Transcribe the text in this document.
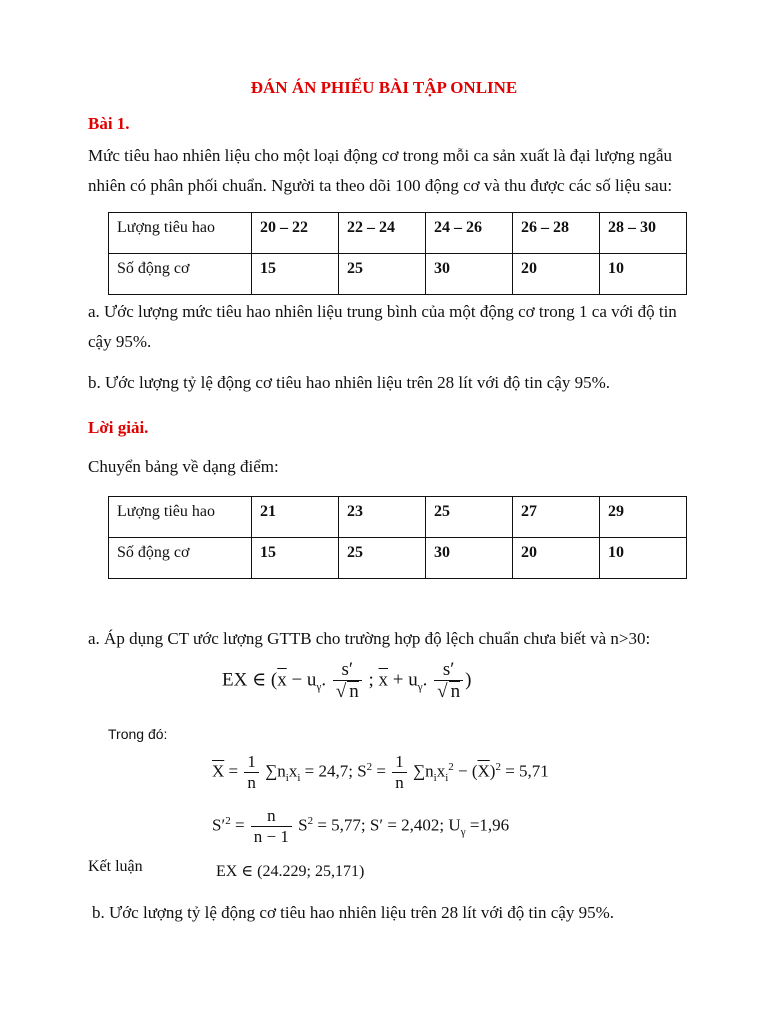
ĐÁN ÁN PHIẾU BÀI TẬP ONLINE
Bài 1.
Mức tiêu hao nhiên liệu cho một loại động cơ trong mỗi ca sản xuất là đại lượng ngẫu
nhiên có phân phối chuẩn. Người ta theo dõi 100 động cơ và thu được các số liệu sau:
Lượng tiêu hao	20 – 22	22 – 24	24 – 26	26 – 28	28 – 30
Số động cơ	15	25	30	20	10
a. Ước lượng mức tiêu hao nhiên liệu trung bình của một động cơ trong 1 ca với độ tin
cậy 95%.
b. Ước lượng tỷ lệ động cơ tiêu hao nhiên liệu trên 28 lít với độ tin cậy 95%.
Lời giải.
Chuyển bảng về dạng điểm:
Lượng tiêu hao	21	23	25	27	29
Số động cơ	15	25	30	20	10
a. Áp dụng CT ước lượng GTTB cho trường hợp độ lệch chuẩn chưa biết và n>30:
EX ∈ ($\overline{x} - u_\gamma$. $\frac{s'}{√ n}$ ; $\overline{x} + u_\gamma$. $\frac{s'}{√ n}$ )
Trong đó:
$\overline{X} = \frac{1}{n} \sum n_ix_i = 24,7$; $S^2 = \frac{1}{n} \sum n_ix_i^2 - (\overline{X})^2 = 5,71$
$S'^2 = \frac{n}{n - 1} S^2 = 5,77$; S′ = 2,402; $U_\gamma =1,96$
Kết luận	EX ∈ (24.229; 25,171)
b. Ước lượng tỷ lệ động cơ tiêu hao nhiên liệu trên 28 lít với độ tin cậy 95%.
